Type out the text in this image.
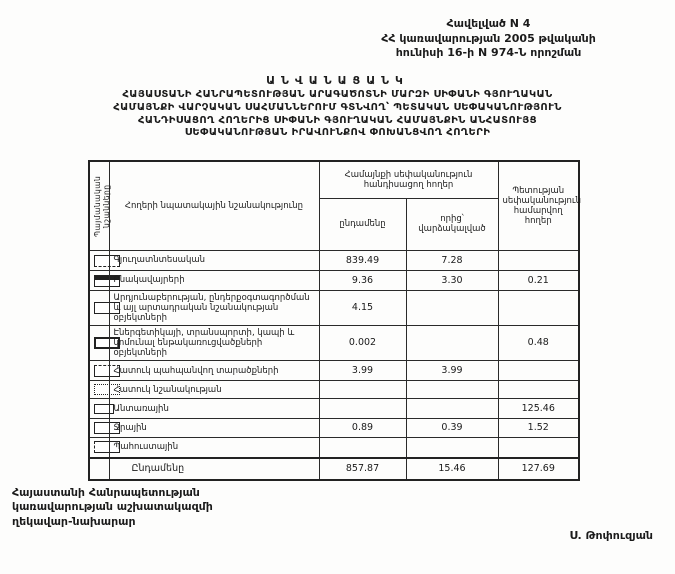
Հավելված N 4
ՀՀ կառավարության 2005 թվականի
հունիսի 16-ի N 974-Ն որոշման
ԱՆՎԱՆԱՑԱՆԿ
ՀԱՅԱՍՏԱՆԻ ՀԱՆՐԱՊԵՏՈՒԹՅԱՆ ԱՐԱԳԱԾՈՏՆԻ ՄԱՐԶԻ ՍԻՓԱՆԻ ԳՅՈՒՂԱԿԱՆ
ՀԱՄԱՅՆՔԻ ՎԱՐՉԱԿԱՆ ՍԱՀՄԱՆՆԵՐՈՒՄ ԳՏՆՎՈՂ՝ ՊԵՏԱԿԱՆ ՍԵՓԱԿԱՆՈՒԹՅՈՒՆ
ՀԱՆԴԻՍԱՑՈՂ ՀՈՂԵՐԻՑ ՍԻՓԱՆԻ ԳՅՈՒՂԱԿԱՆ ՀԱՄԱՅՆՔԻՆ ԱՆՀԱՏՈՒՅՑ
ՍԵՓԱԿԱՆՈՒԹՅԱՆ ԻՐԱՎՈՒՆՔՈՎ ՓՈԽԱՆՑՎՈՂ ՀՈՂԵՐԻ
Պայմանական նշանները	Հողերի նպատակային նշանակությունը	Համայնքի սեփականություն հանդիսացող հողեր		Պետության սեփականություն համարվող հողեր
		ընդամենը	որից՝ վարձակալված	

	Գյուղատնտեսական	839.49	7.28	

	Բնակավայրերի	9.36	3.30	0.21

	Արդյունաբերության, ընդերքօգտագործման և այլ արտադրական նշանակության օբյեկտների	4.15		

	Էներգետիկայի, տրանսպորտի, կապի և կոմունալ ենթակառուցվածքների օբյեկտների	0.002		0.48

	Հատուկ պահպանվող տարածքների	3.99	3.99	

	Հատուկ նշանակության			

	Անտառային			125.46

	Ջրային	0.89	0.39	1.52

	Պահուստային			
	Ընդամենը	857.87	15.46	127.69
Հայաստանի Հանրապետության
կառավարության աշխատակազմի
ղեկավար-նախարար
Ս. Թոփուզյան
